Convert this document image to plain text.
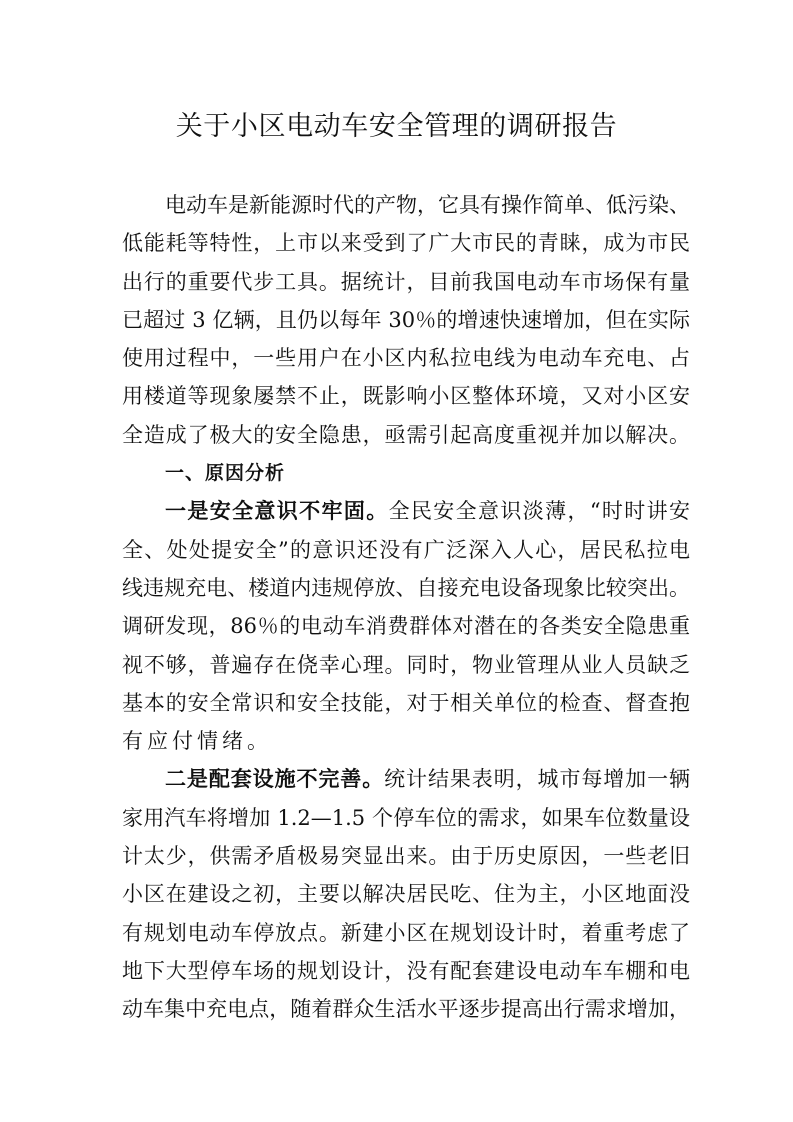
关于小区电动车安全管理的调研报告
电动车是新能源时代的产物，它具有操作简单、低污染、
低能耗等特性，上市以来受到了广大市民的青睐，成为市民
出行的重要代步工具。据统计，目前我国电动车市场保有量
已超过 3 亿辆，且仍以每年 30％的增速快速增加，但在实际
使用过程中，一些用户在小区内私拉电线为电动车充电、占
用楼道等现象屡禁不止，既影响小区整体环境，又对小区安
全造成了极大的安全隐患，亟需引起高度重视并加以解决。
一、原因分析
一是安全意识不牢固。全民安全意识淡薄，“时时讲安
全、处处提安全”的意识还没有广泛深入人心，居民私拉电
线违规充电、楼道内违规停放、自接充电设备现象比较突出。
调研发现，86％的电动车消费群体对潜在的各类安全隐患重
视不够，普遍存在侥幸心理。同时，物业管理从业人员缺乏
基本的安全常识和安全技能，对于相关单位的检查、督查抱
有应付情绪。
二是配套设施不完善。统计结果表明，城市每增加一辆
家用汽车将增加 1.2—1.5 个停车位的需求，如果车位数量设
计太少，供需矛盾极易突显出来。由于历史原因，一些老旧
小区在建设之初，主要以解决居民吃、住为主，小区地面没
有规划电动车停放点。新建小区在规划设计时，着重考虑了
地下大型停车场的规划设计，没有配套建设电动车车棚和电
动车集中充电点，随着群众生活水平逐步提高出行需求增加，
